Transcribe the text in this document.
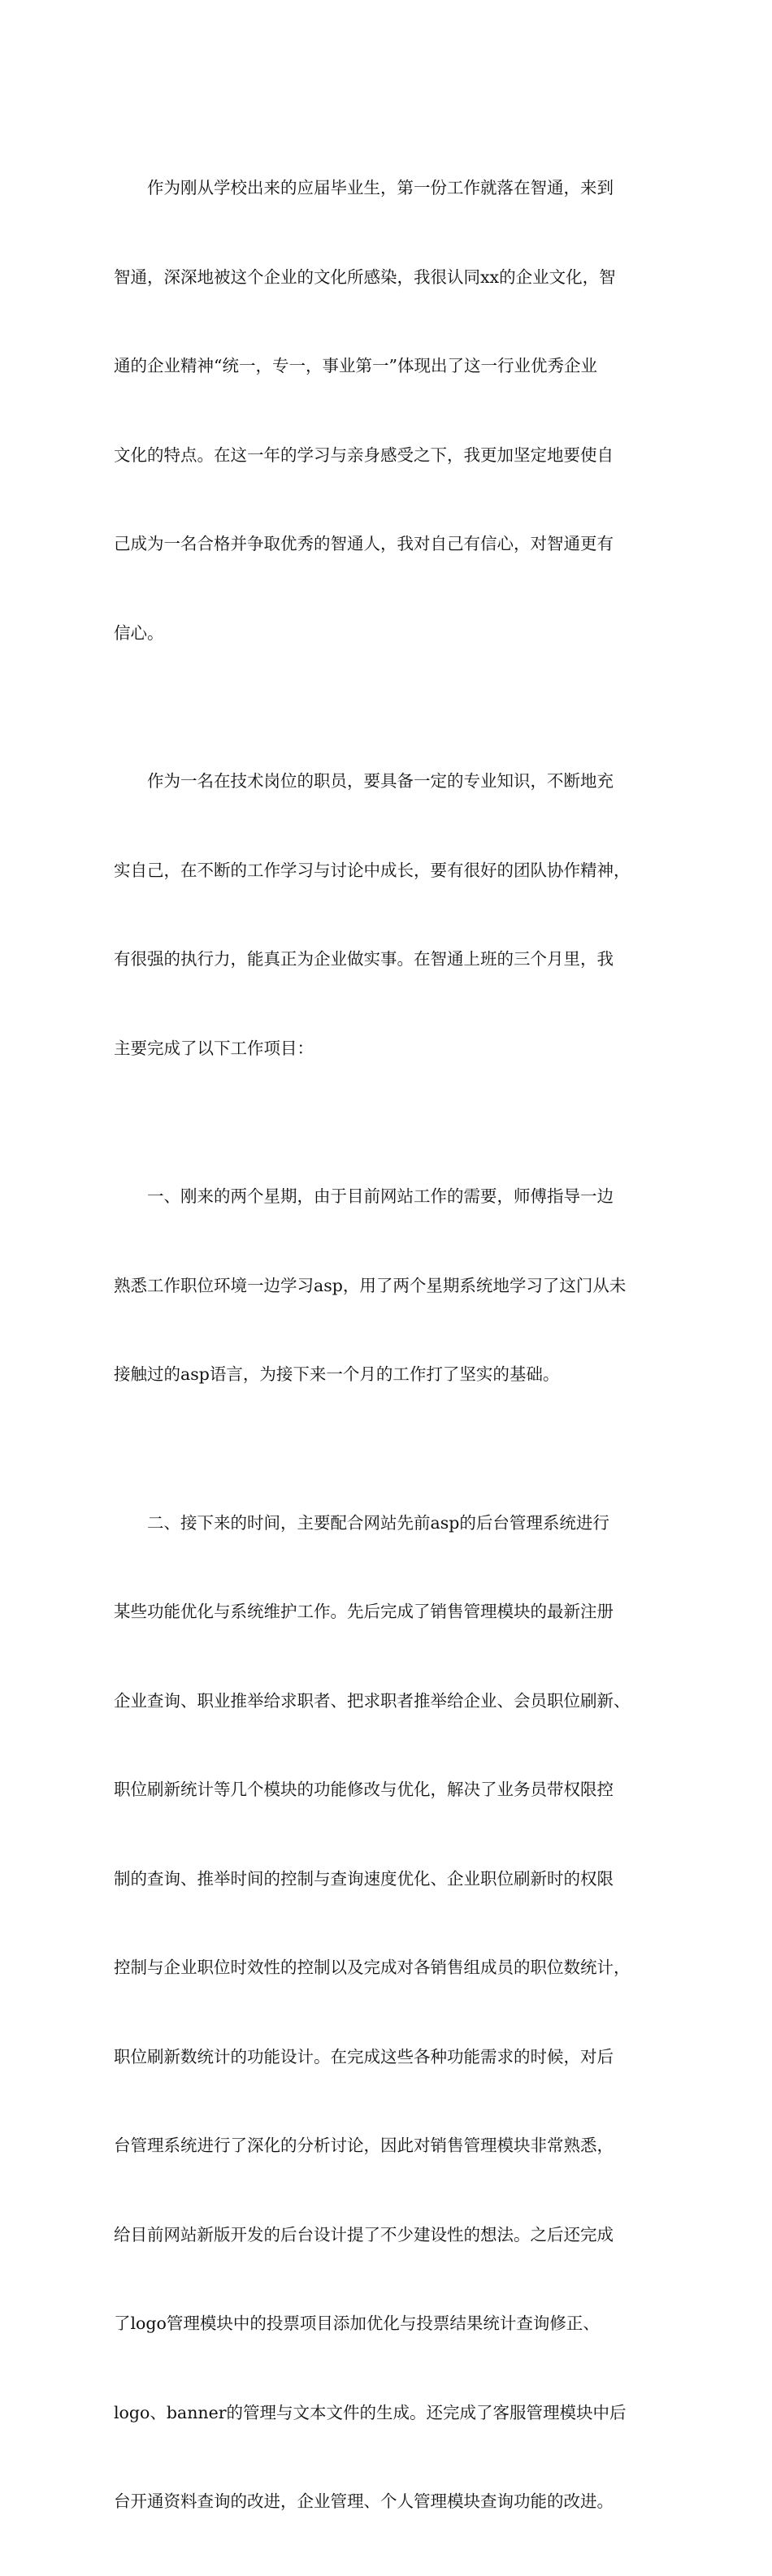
作为刚从学校出来的应届毕业生，第一份工作就落在智通，来到

智通，深深地被这个企业的文化所感染，我很认同xx的企业文化，智

通的企业精神“统一，专一，事业第一”体现出了这一行业优秀企业

文化的特点。在这一年的学习与亲身感受之下，我更加坚定地要使自

己成为一名合格并争取优秀的智通人，我对自己有信心，对智通更有

信心。

作为一名在技术岗位的职员，要具备一定的专业知识，不断地充

实自己，在不断的工作学习与讨论中成长，要有很好的团队协作精神，

有很强的执行力，能真正为企业做实事。在智通上班的三个月里，我

主要完成了以下工作项目：

一、刚来的两个星期，由于目前网站工作的需要，师傅指导一边

熟悉工作职位环境一边学习asp，用了两个星期系统地学习了这门从未

接触过的asp语言，为接下来一个月的工作打了坚实的基础。

二、接下来的时间，主要配合网站先前asp的后台管理系统进行

某些功能优化与系统维护工作。先后完成了销售管理模块的最新注册

企业查询、职业推举给求职者、把求职者推举给企业、会员职位刷新、

职位刷新统计等几个模块的功能修改与优化，解决了业务员带权限控

制的查询、推举时间的控制与查询速度优化、企业职位刷新时的权限

控制与企业职位时效性的控制以及完成对各销售组成员的职位数统计，

职位刷新数统计的功能设计。在完成这些各种功能需求的时候，对后

台管理系统进行了深化的分析讨论，因此对销售管理模块非常熟悉，

给目前网站新版开发的后台设计提了不少建设性的想法。之后还完成

了logo管理模块中的投票项目添加优化与投票结果统计查询修正、

logo、banner的管理与文本文件的生成。还完成了客服管理模块中后

台开通资料查询的改进，企业管理、个人管理模块查询功能的改进。
